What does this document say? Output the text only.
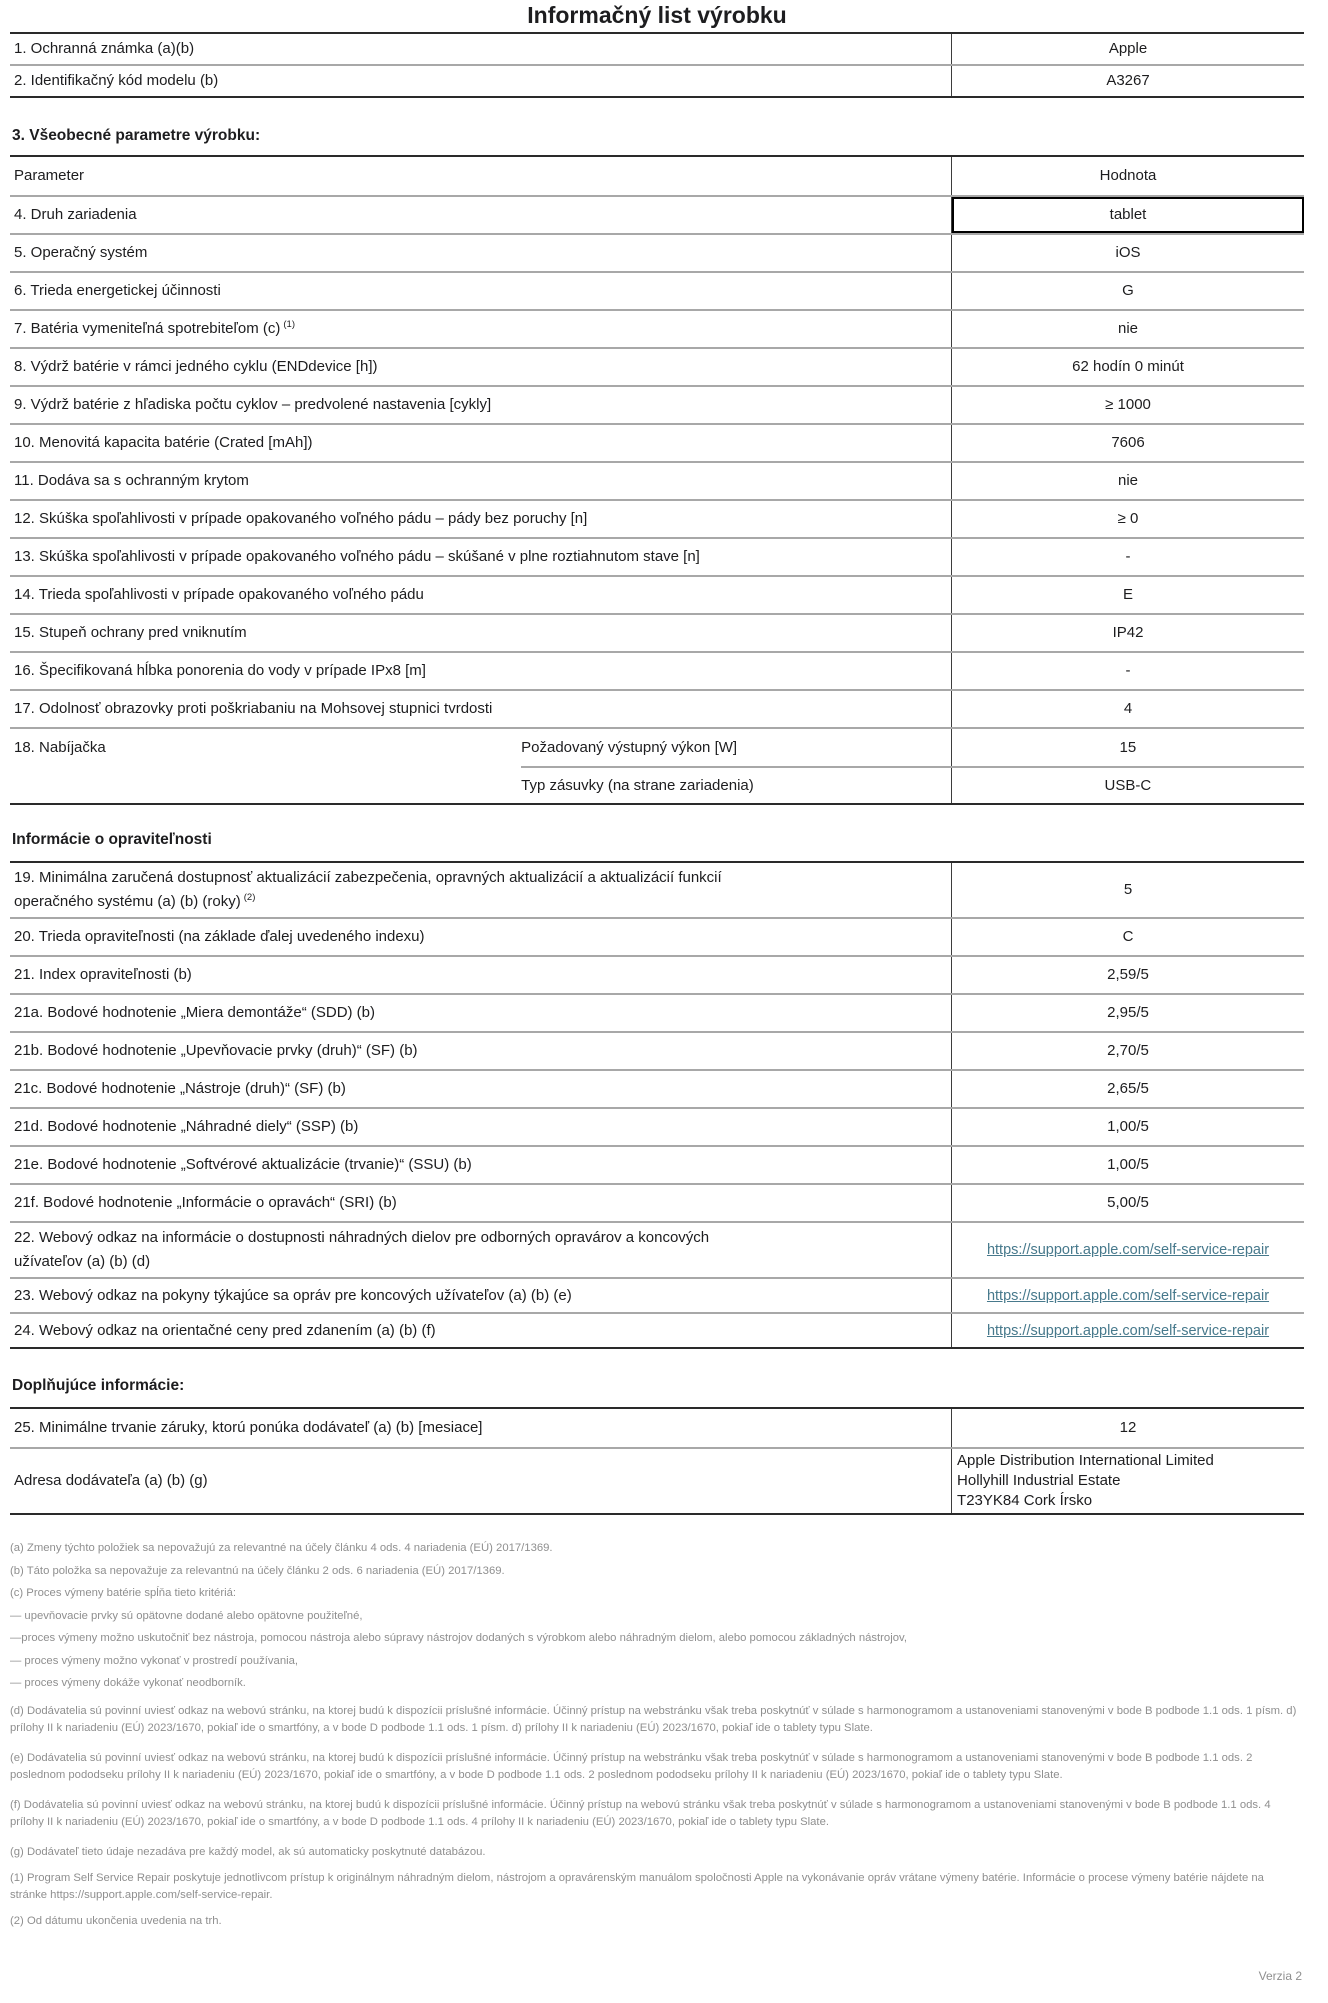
Informačný list výrobku
1. Ochranná známka (a)(b)	Apple
2. Identifikačný kód modelu (b)	A3267
3. Všeobecné parametre výrobku:
Parameter	Hodnota
4. Druh zariadenia	tablet
5. Operačný systém	iOS
6. Trieda energetickej účinnosti	G
7. Batéria vymeniteľná spotrebiteľom (c) $^{(1)}$	nie
8. Výdrž batérie v rámci jedného cyklu (ENDdevice [h])	62 hodín 0 minút
9. Výdrž batérie z hľadiska počtu cyklov – predvolené nastavenia [cykly]	≥ 1000
10. Menovitá kapacita batérie (Crated [mAh])	7606
11. Dodáva sa s ochranným krytom	nie
12. Skúška spoľahlivosti v prípade opakovaného voľného pádu – pády bez poruchy [n]	≥ 0
13. Skúška spoľahlivosti v prípade opakovaného voľného pádu – skúšané v plne roztiahnutom stave [n]	-
14. Trieda spoľahlivosti v prípade opakovaného voľného pádu	E
15. Stupeň ochrany pred vniknutím	IP42
16. Špecifikovaná hĺbka ponorenia do vody v prípade IPx8 [m]	-
17. Odolnosť obrazovky proti poškriabaniu na Mohsovej stupnici tvrdosti	4
18. Nabíjačka	Požadovaný výstupný výkon [W]	15
Typ zásuvky (na strane zariadenia)	USB-C
Informácie o opraviteľnosti
19. Minimálna zaručená dostupnosť aktualizácií zabezpečenia, opravných aktualizácií a aktualizácií funkcií operačného systému (a) (b) (roky) $^{(2)}$	5
20. Trieda opraviteľnosti (na základe ďalej uvedeného indexu)	C
21. Index opraviteľnosti (b)	2,59/5
21a. Bodové hodnotenie „Miera demontáže“ (SDD) (b)	2,95/5
21b. Bodové hodnotenie „Upevňovacie prvky (druh)“ (SF) (b)	2,70/5
21c. Bodové hodnotenie „Nástroje (druh)“ (SF) (b)	2,65/5
21d. Bodové hodnotenie „Náhradné diely“ (SSP) (b)	1,00/5
21e. Bodové hodnotenie „Softvérové aktualizácie (trvanie)“ (SSU) (b)	1,00/5
21f. Bodové hodnotenie „Informácie o opravách“ (SRI) (b)	5,00/5
22. Webový odkaz na informácie o dostupnosti náhradných dielov pre odborných opravárov a koncových užívateľov (a) (b) (d)
https://support.apple.com/self-service-repair
23. Webový odkaz na pokyny týkajúce sa opráv pre koncových užívateľov (a) (b) (e)	https://support.apple.com/self-service-repair
24. Webový odkaz na orientačné ceny pred zdanením (a) (b) (f)	https://support.apple.com/self-service-repair
Doplňujúce informácie:
25. Minimálne trvanie záruky, ktorú ponúka dodávateľ (a) (b) [mesiace]	12
Adresa dodávateľa (a) (b) (g)
Apple Distribution International Limited
Hollyhill Industrial Estate
T23YK84 Cork Írsko

(a) Zmeny týchto položiek sa nepovažujú za relevantné na účely článku 4 ods. 4 nariadenia (EÚ) 2017/1369.

(b) Táto položka sa nepovažuje za relevantnú na účely článku 2 ods. 6 nariadenia (EÚ) 2017/1369.

(c) Proces výmeny batérie spĺňa tieto kritériá:

— upevňovacie prvky sú opätovne dodané alebo opätovne použiteľné,

—proces výmeny možno uskutočniť bez nástroja, pomocou nástroja alebo súpravy nástrojov dodaných s výrobkom alebo náhradným dielom, alebo pomocou základných nástrojov,

— proces výmeny možno vykonať v prostredí používania,

— proces výmeny dokáže vykonať neodborník.

(d) Dodávatelia sú povinní uviesť odkaz na webovú stránku, na ktorej budú k dispozícii príslušné informácie. Účinný prístup na webstránku však treba poskytnúť v súlade s harmonogramom a ustanoveniami stanovenými v bode B podbode 1.1 ods. 1 písm. d) prílohy II k nariadeniu (EÚ) 2023/1670, pokiaľ ide o smartfóny, a v bode D podbode 1.1 ods. 1 písm. d) prílohy II k nariadeniu (EÚ) 2023/1670, pokiaľ ide o tablety typu Slate.

(e) Dodávatelia sú povinní uviesť odkaz na webovú stránku, na ktorej budú k dispozícii príslušné informácie. Účinný prístup na webstránku však treba poskytnúť v súlade s harmonogramom a ustanoveniami stanovenými v bode B podbode 1.1 ods. 2 poslednom pododseku prílohy II k nariadeniu (EÚ) 2023/1670, pokiaľ ide o smartfóny, a v bode D podbode 1.1 ods. 2 poslednom pododseku prílohy II k nariadeniu (EÚ) 2023/1670, pokiaľ ide o tablety typu Slate.

(f) Dodávatelia sú povinní uviesť odkaz na webovú stránku, na ktorej budú k dispozícii príslušné informácie. Účinný prístup na webovú stránku však treba poskytnúť v súlade s harmonogramom a ustanoveniami stanovenými v bode B podbode 1.1 ods. 4 prílohy II k nariadeniu (EÚ) 2023/1670, pokiaľ ide o smartfóny, a v bode D podbode 1.1 ods. 4 prílohy II k nariadeniu (EÚ) 2023/1670, pokiaľ ide o tablety typu Slate.

(g) Dodávateľ tieto údaje nezadáva pre každý model, ak sú automaticky poskytnuté databázou.

(1) Program Self Service Repair poskytuje jednotlivcom prístup k originálnym náhradným dielom, nástrojom a opravárenským manuálom spoločnosti Apple na vykonávanie opráv vrátane výmeny batérie. Informácie o procese výmeny batérie nájdete na stránke https://support.apple.com/self-service-repair.

(2) Od dátumu ukončenia uvedenia na trh.

Verzia 2
